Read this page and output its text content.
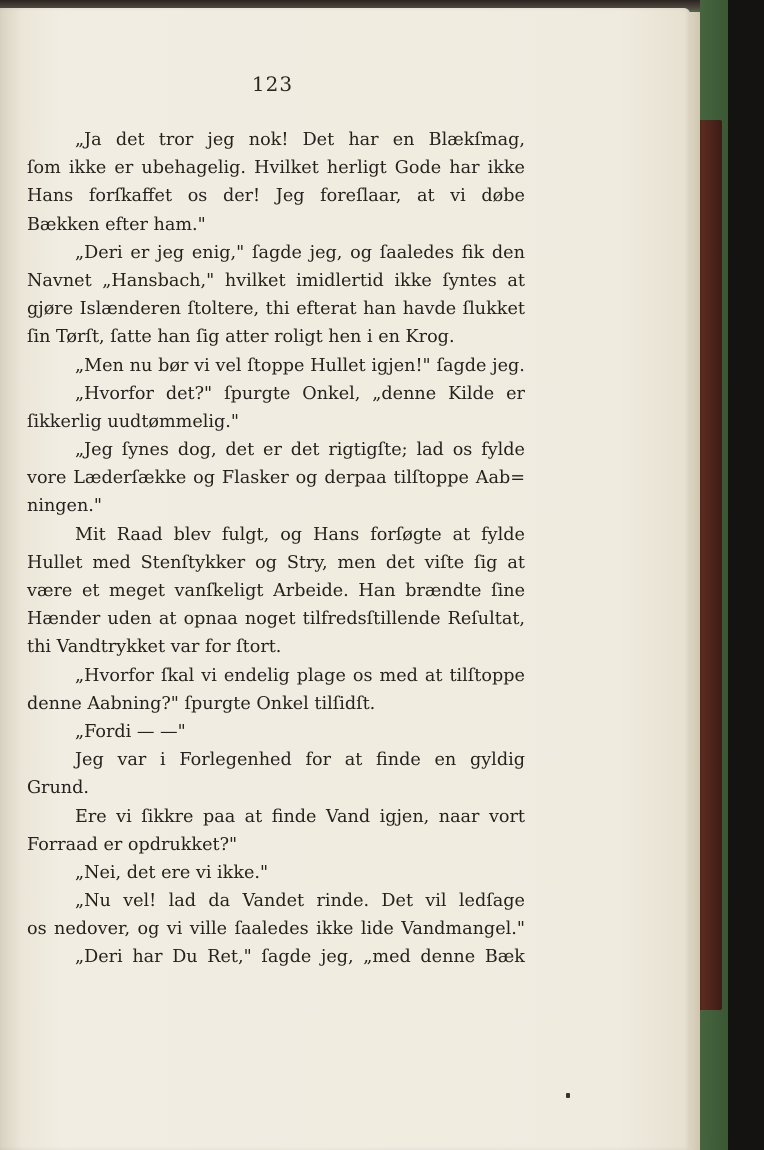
123
„Ja det tror jeg nok! Det har en Blækſmag,
ſom ikke er ubehagelig. Hvilket herligt Gode har ikke
Hans forſkaffet os der! Jeg foreſlaar, at vi døbe
Bækken efter ham."
„Deri er jeg enig," ſagde jeg, og ſaaledes fik den
Navnet „Hansbach," hvilket imidlertid ikke ſyntes at
gjøre Islænderen ſtoltere, thi efterat han havde ſlukket
ſin Tørſt, ſatte han ſig atter roligt hen i en Krog.
„Men nu bør vi vel ſtoppe Hullet igjen!" ſagde jeg.
„Hvorfor det?" ſpurgte Onkel, „denne Kilde er
ſikkerlig uudtømmelig."
„Jeg ſynes dog, det er det rigtigſte; lad os fylde
vore Læderſække og Flasker og derpaa tilſtoppe Aab=
ningen."
Mit Raad blev fulgt, og Hans forſøgte at fylde
Hullet med Stenſtykker og Stry, men det viſte ſig at
være et meget vanſkeligt Arbeide. Han brændte ſine
Hænder uden at opnaa noget tilfredsſtillende Reſultat,
thi Vandtrykket var for ſtort.
„Hvorfor ſkal vi endelig plage os med at tilſtoppe
denne Aabning?" ſpurgte Onkel tilſidſt.
„Fordi — —"
Jeg var i Forlegenhed for at finde en gyldig
Grund.
Ere vi ſikkre paa at finde Vand igjen, naar vort
Forraad er opdrukket?"
„Nei, det ere vi ikke."
„Nu vel! lad da Vandet rinde. Det vil ledſage
os nedover, og vi ville ſaaledes ikke lide Vandmangel."
„Deri har Du Ret," ſagde jeg, „med denne Bæk
